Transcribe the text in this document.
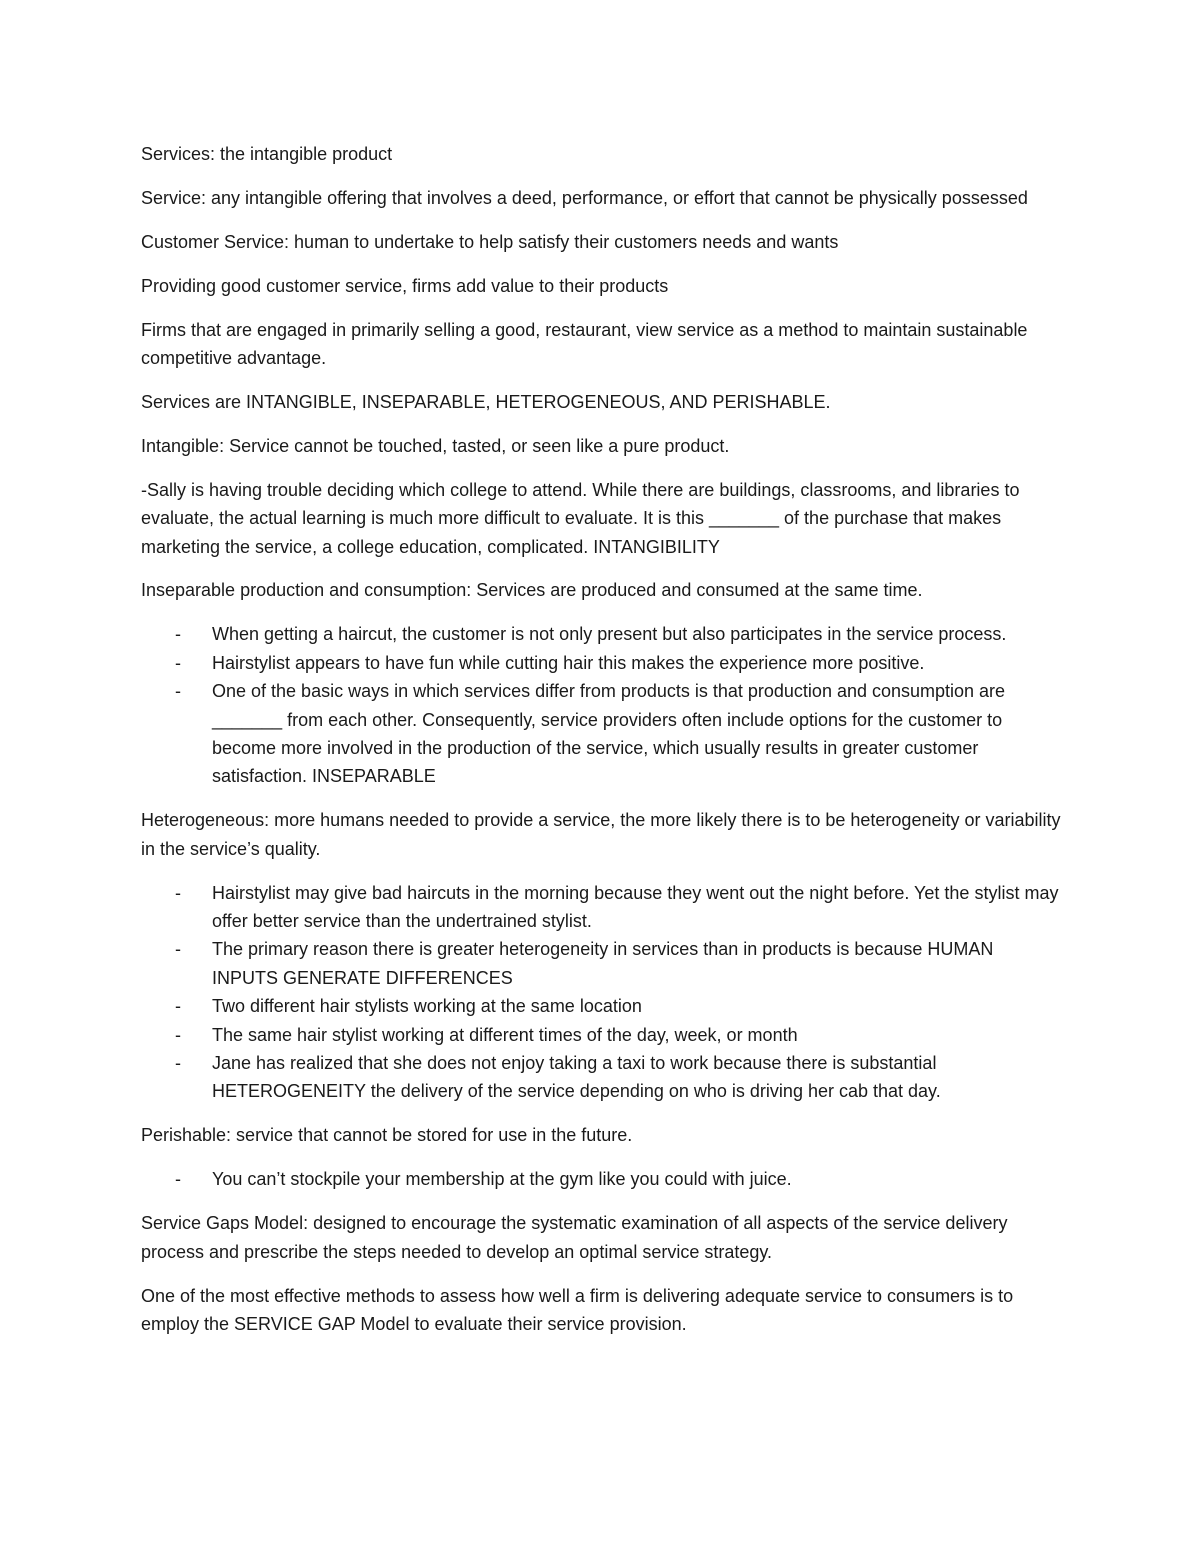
Services: the intangible product

Service: any intangible offering that involves a deed, performance, or effort that cannot be physically possessed

Customer Service: human to undertake to help satisfy their customers needs and wants

Providing good customer service, firms add value to their products

Firms that are engaged in primarily selling a good, restaurant, view service as a method to maintain sustainable competitive advantage.

Services are INTANGIBLE, INSEPARABLE, HETEROGENEOUS, AND PERISHABLE.

Intangible: Service cannot be touched, tasted, or seen like a pure product.

-Sally is having trouble deciding which college to attend. While there are buildings, classrooms, and libraries to evaluate, the actual learning is much more difficult to evaluate. It is this _______ of the purchase that makes marketing the service, a college education, complicated. INTANGIBILITY

Inseparable production and consumption: Services are produced and consumed at the same time.

- When getting a haircut, the customer is not only present but also participates in the service process.
- Hairstylist appears to have fun while cutting hair this makes the experience more positive.
- One of the basic ways in which services differ from products is that production and consumption are _______ from each other. Consequently, service providers often include options for the customer to become more involved in the production of the service, which usually results in greater customer satisfaction. INSEPARABLE

Heterogeneous: more humans needed to provide a service, the more likely there is to be heterogeneity or variability in the service’s quality.

- Hairstylist may give bad haircuts in the morning because they went out the night before. Yet the stylist may offer better service than the undertrained stylist.
- The primary reason there is greater heterogeneity in services than in products is because HUMAN INPUTS GENERATE DIFFERENCES
- Two different hair stylists working at the same location
- The same hair stylist working at different times of the day, week, or month
- Jane has realized that she does not enjoy taking a taxi to work because there is substantial HETEROGENEITY the delivery of the service depending on who is driving her cab that day.

Perishable: service that cannot be stored for use in the future.

- You can’t stockpile your membership at the gym like you could with juice.

Service Gaps Model: designed to encourage the systematic examination of all aspects of the service delivery process and prescribe the steps needed to develop an optimal service strategy.

One of the most effective methods to assess how well a firm is delivering adequate service to consumers is to employ the SERVICE GAP Model to evaluate their service provision.
